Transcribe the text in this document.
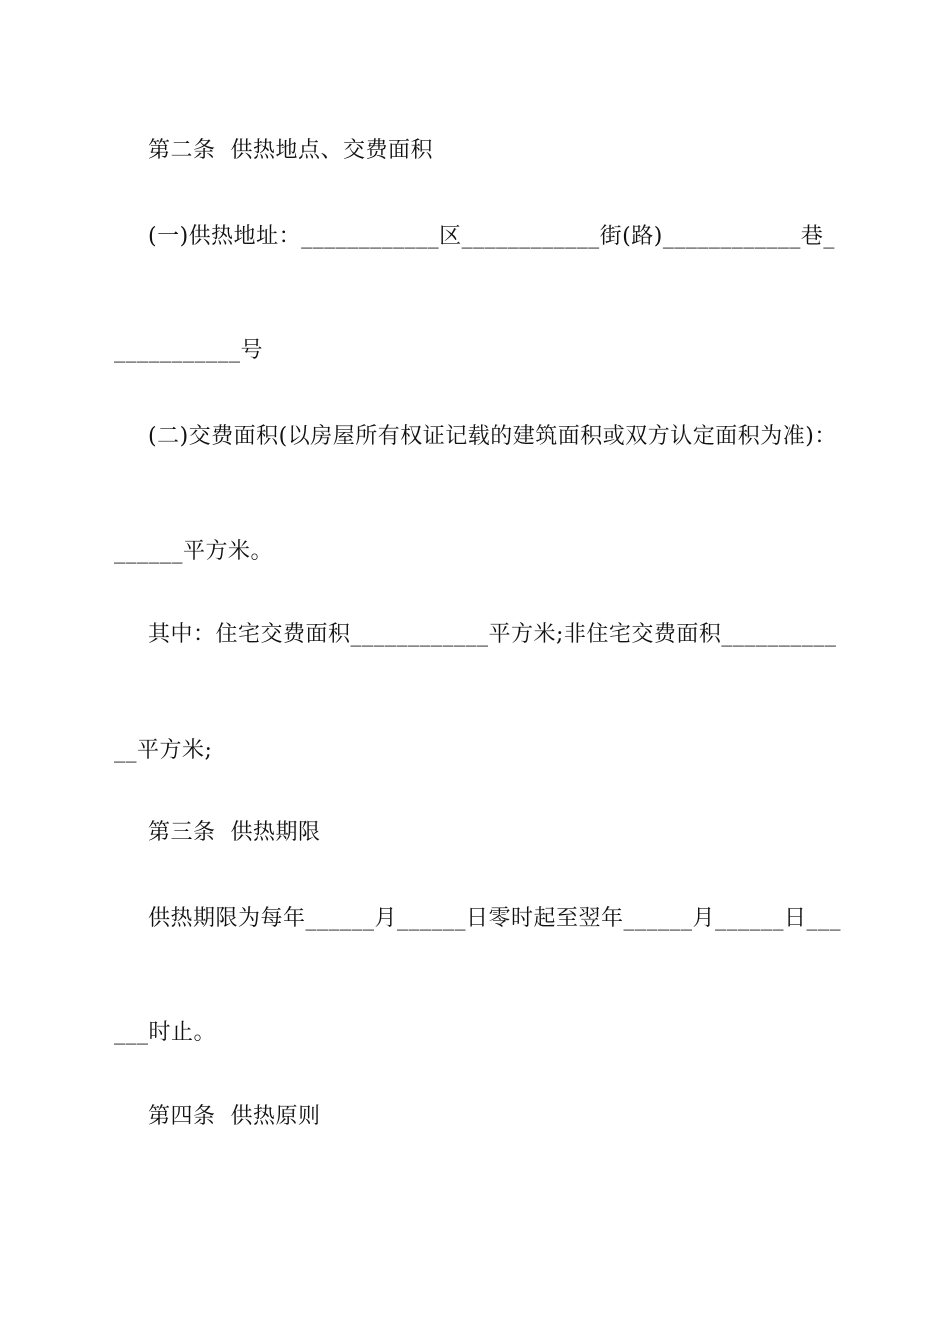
第二条  供热地点、交费面积
(一)供热地址：____________区____________街(路)____________巷_
___________号
(二)交费面积(以房屋所有权证记载的建筑面积或双方认定面积为准)：
______平方米。
其中：住宅交费面积____________平方米;非住宅交费面积__________
__平方米;
第三条  供热期限
供热期限为每年______月______日零时起至翌年______月______日___
___时止。
第四条  供热原则
